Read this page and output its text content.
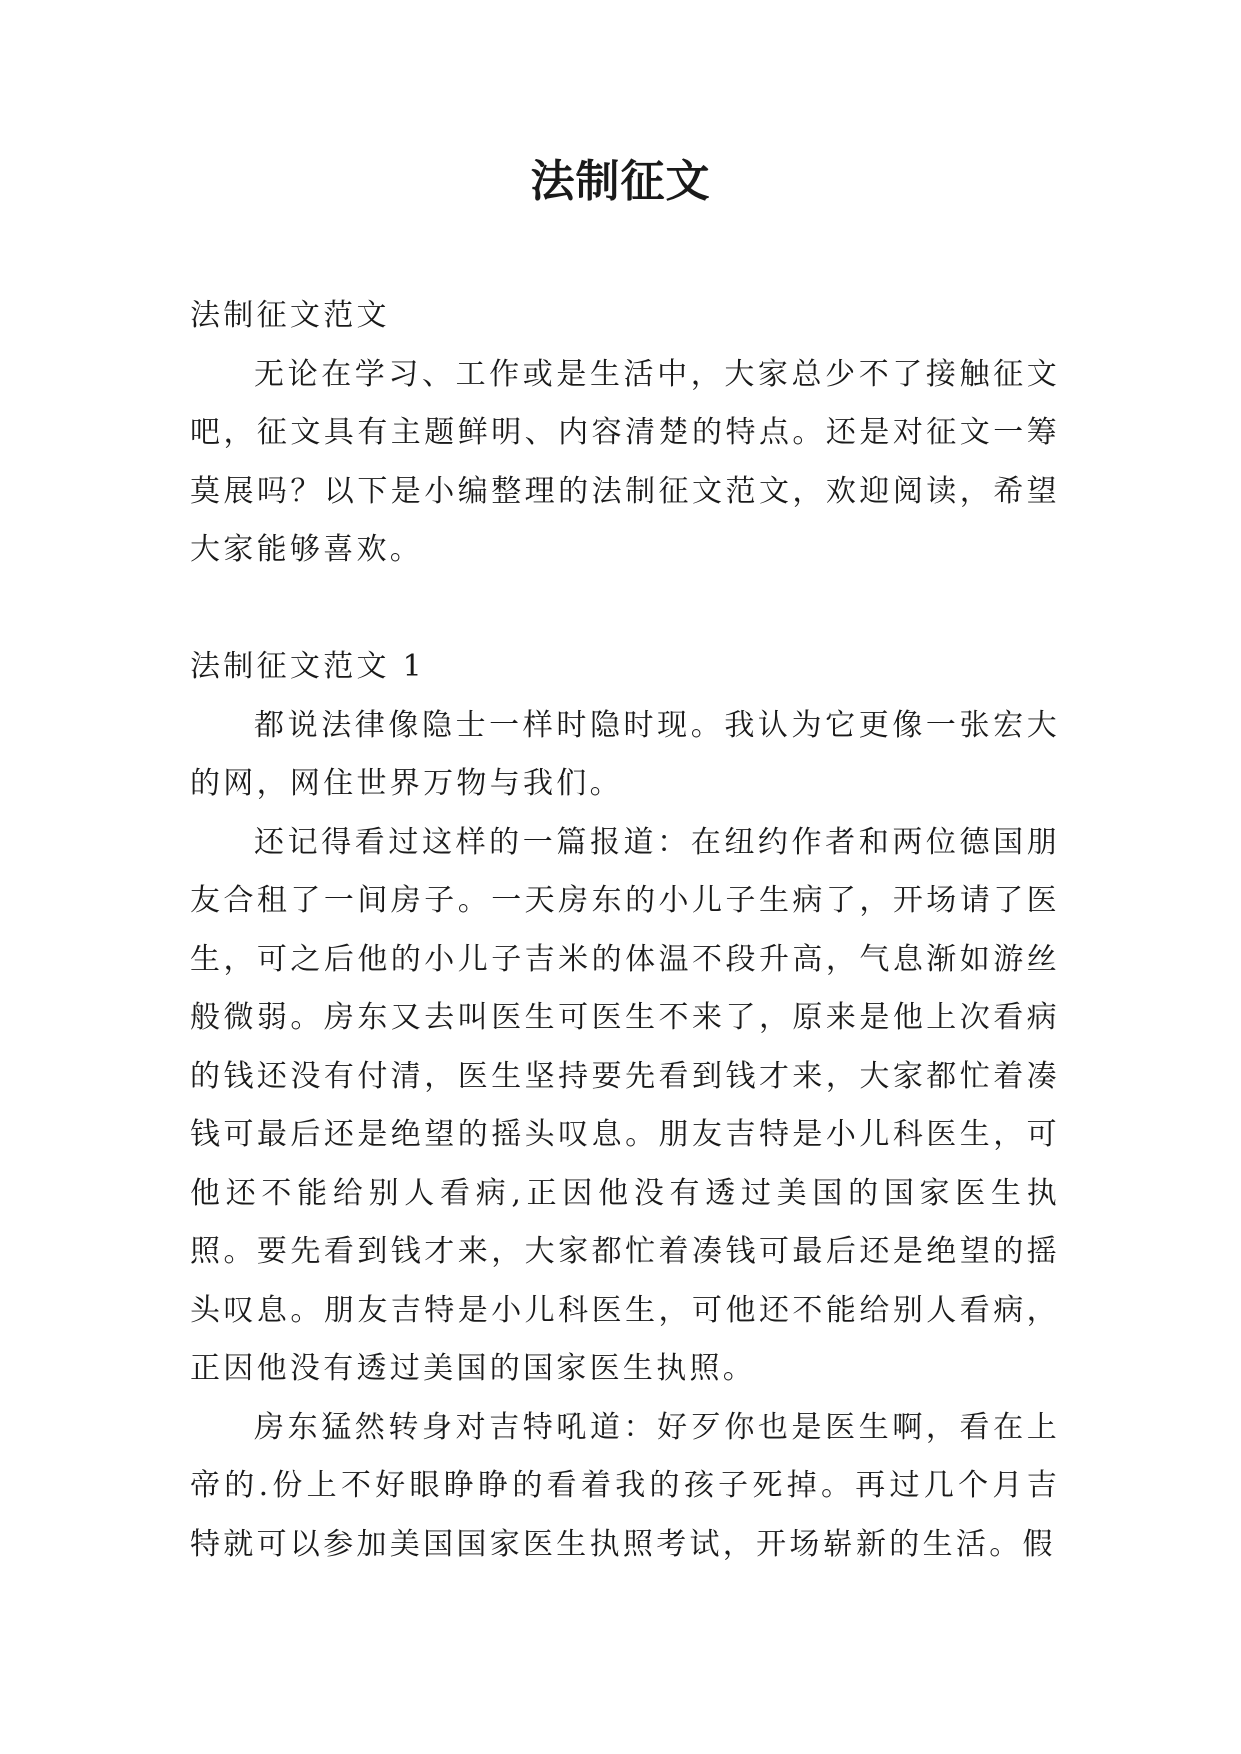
法制征文

法制征文范文

无论在学习、工作或是生活中，大家总少不了接触征文吧，征文具有主题鲜明、内容清楚的特点。还是对征文一筹莫展吗？以下是小编整理的法制征文范文，欢迎阅读，希望大家能够喜欢。

法制征文范文 1

都说法律像隐士一样时隐时现。我认为它更像一张宏大的网，网住世界万物与我们。

还记得看过这样的一篇报道：在纽约作者和两位德国朋友合租了一间房子。一天房东的小儿子生病了，开场请了医生，可之后他的小儿子吉米的体温不段升高，气息渐如游丝般微弱。房东又去叫医生可医生不来了，原来是他上次看病的钱还没有付清，医生坚持要先看到钱才来，大家都忙着凑钱可最后还是绝望的摇头叹息。朋友吉特是小儿科医生，可他还不能给别人看病,正因他没有透过美国的国家医生执照。要先看到钱才来，大家都忙着凑钱可最后还是绝望的摇头叹息。朋友吉特是小儿科医生，可他还不能给别人看病，正因他没有透过美国的国家医生执照。

房东猛然转身对吉特吼道：好歹你也是医生啊，看在上帝的.份上不好眼睁睁的看着我的孩子死掉。再过几个月吉特就可以参加美国国家医生执照考试，开场崭新的生活。假
